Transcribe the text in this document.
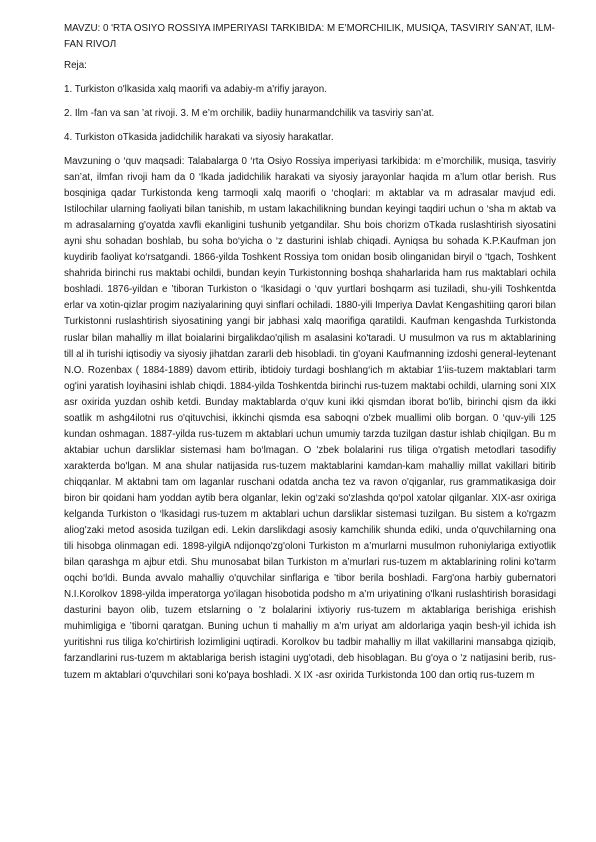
MAVZU: 0 'RTA OSIYO ROSSIYA IMPERIYASI TARKIBIDA: M E’MORCHILIK, MUSIQA, TASVIRIY SAN’AT, ILM-FAN RIVOЛ
Reja:
1. Turkiston o'lkasida xalq maorifi va adabiy-m a'rifiy jarayon.
2. Ilm -fan va san ’at rivoji. 3. M e’m orchilik, badiiy hunarmandchilik va tasviriy san’at.
4. Turkiston oTkasida jadidchilik harakati va siyosiy harakatlar.

Mavzuning o ‘quv maqsadi: Talabalarga 0 ‘rta Osiyo Rossiya imperiyasi tarkibida: m e’morchilik, musiqa, tasviriy san’at, ilmfan rivoji ham da 0 ‘lkada jadidchilik harakati va siyosiy jarayonlar haqida m a’lum otlar berish. Rus bosqiniga qadar Turkistonda keng tarmoqli xalq maorifi o ‘choqlari: m aktablar va m adrasalar mavjud edi. Istilochilar ularning faoliyati bilan tanishib, m ustam lakachilikning bundan keyingi taqdiri uchun o ‘sha m aktab va m adrasalarning g'oyatda xavfli ekanligini tushunib yetgandilar. Shu bois chorizm oTkada ruslashtirish siyosatini ayni shu sohadan boshlab, bu soha bo‘yicha o ‘z dasturini ishlab chiqadi. Ayniqsa bu sohada K.P.Kaufman jon kuydirib faoliyat ko‘rsatgandi. 1866-yilda Toshkent Rossiya tom onidan bosib olinganidan biryil o ‘tgach, Toshkent shahrida birinchi rus maktabi ochildi, bundan keyin Turkistonning boshqa shaharlarida ham rus maktablari ochila boshladi. 1876-yildan e ’tiboran Turkiston o ‘lkasidagi o ‘quv yurtlari boshqarm asi tuziladi, shu-yili Toshkentda erlar va xotin-qizlar progim naziyalarining quyi sinflari ochiladi. 1880-yili Imperiya Davlat Kengashitiing qarori bilan Turkistonni ruslashtirish siyosatining yangi bir jabhasi xalq maorifiga qaratildi. Kaufman kengashda Turkistonda ruslar bilan mahalliy m illat boialarini birgalikdao'qilish m asalasini ko'taradi. U musulmon va rus m aktablarining till al ih turishi iqtisodiy va siyosiy jihatdan zararli deb hisobladi. tin g'oyani Kaufmanning izdoshi general-leytenant N.O. Rozenbax ( 1884-1889) davom ettirib, ibtidoiy turdagi boshlang‘ich m aktabiar 1'iis-tuzem maktablari tarm og'ini yaratish loyihasini ishlab chiqdi. 1884-yilda Toshkentda birinchi rus-tuzem maktabi ochildi, ularning soni XIX asr oxirida yuzdan oshib ketdi. Bunday maktablarda o‘quv kuni ikki qismdan iborat bo'lib, birinchi qism da ikki soatlik m ashg4ilotni rus o'qituvchisi, ikkinchi qismda esa saboqni o'zbek muallimi olib borgan. 0 ‘quv-yili 125 kundan oshmagan. 1887-yilda rus-tuzem m aktablari uchun umumiy tarzda tuzilgan dastur ishlab chiqilgan. Bu m aktabiar uchun darsliklar sistemasi ham bo‘lmagan. O 'zbek bolalarini rus tiliga o'rgatish metodlari tasodifiy xarakterda bo'lgan. M ana shular natijasida rus-tuzem maktablarini kamdan-kam mahalliy millat vakillari bitirib chiqqanlar. M aktabni tam om laganlar ruschani odatda ancha tez va ravon o'qiganlar, rus grammatikasiga doir biron bir qoidani ham yoddan aytib bera olganlar, lekin og‘zaki so'zlashda qo‘pol xatolar qilganlar. XIX-asr oxiriga kelganda Turkiston o ‘lkasidagi rus-tuzem m aktablari uchun darsliklar sistemasi tuzilgan. Bu sistem a ko'rgazm aliog'zaki metod asosida tuzilgan edi. Lekin darslikdagi asosiy kamchilik shunda ediki, unda o'quvchilarning ona tili hisobga olinmagan edi. 1898-yilgiA ndijonqo'zg'oloni Turkiston m a’murlarni musulmon ruhoniylariga extiyotlik bilan qarashga m ajbur etdi. Shu munosabat bilan Turkiston m a’murlari rus-tuzem m aktablarining rolini ko'tarm oqchi bo‘ldi. Bunda avvalo mahalliy o'quvchilar sinflariga e ’tibor berila boshladi. Farg'ona harbiy gubernatori N.I.Korolkov 1898-yilda imperatorga yo'ilagan hisobotida podsho m a’m uriyatining o'lkani ruslashtirish borasidagi dasturini bayon olib, tuzem etslarning o 'z bolalarini ixtiyoriy rus-tuzem m aktablariga berishiga erishish muhimligiga e ’tiborni qaratgan. Buning uchun ti mahalliy m a’m uriyat am aldorlariga yaqin besh-yil ichida ish yuritishni rus tiliga ko'chirtirish lozimligini uqtiradi. Korolkov bu tadbir mahalliy m illat vakillarini mansabga qiziqib, farzandlarini rus-tuzem m aktablariga berish istagini uyg'otadi, deb hisoblagan. Bu g'oya o 'z natijasini berib, rus-tuzem m aktablari o'quvchilari soni ko'paya boshladi. X IX -asr oxirida Turkistonda 100 dan ortiq rus-tuzem m
